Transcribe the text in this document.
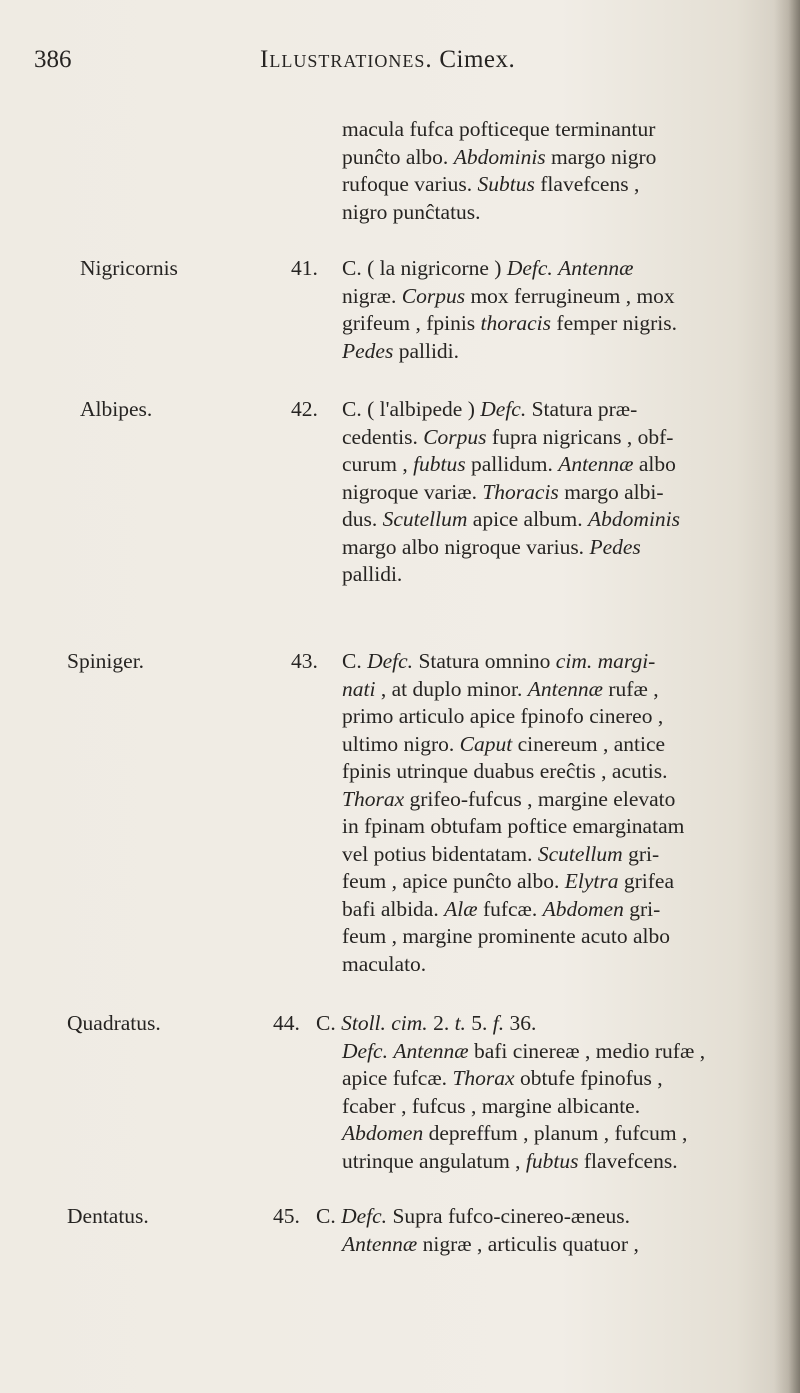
386	Illustrationes. Cimex.
macula fufca poftіceque terminantur
punĉto albo. Abdominis margo nigro
rufoque varius. Subtus flavefcens ,
nigro punĉtatus.
Nigricornis	41. C. ( la nigricorne ) Defc. Antennæ
nigræ. Corpus mox ferrugineum , mox
grifeum , fpinis thoracis femper nigris.
Pedes pallidi.
Albipes.	42. C. ( l'albipede ) Defc. Statura præ-
cedentis. Corpus fupra nigricans , obf-
curum , fubtus pallidum. Antennæ albo
nigroque variæ. Thoracis margo albi-
dus. Scutellum apice album. Abdominis
margo albo nigroque varius. Pedes
pallidi.
Spiniger.	43. C. Defc. Statura omnino cim. margi-
nati , at duplo minor. Antennæ rufæ ,
primo articulo apice fpinofo cinereo ,
ultimo nigro. Caput cinereum , antice
fpinis utrinque duabus ereĉtis , acutis.
Thorax grifeo-fufcus , margine elevato
in fpinam obtufam poftice emarginatam
vel potius bidentatam. Scutellum gri-
feum , apice punĉto albo. Elytra grifea
bafi albida. Alæ fufcæ. Abdomen gri-
feum , margine prominente acuto albo
maculato.
Quadratus.	44. C. Stoll. cim. 2. t. 5. f. 36.
Defc. Antennæ bafi cinereæ , medio rufæ ,
apice fufcæ. Thorax obtufe fpinofus ,
fcaber , fufcus , margine albicante.
Abdomen depreffum , planum , fufcum ,
utrinque angulatum , fubtus flavefcens.
Dentatus.	45. C. Defc. Supra fufco-cinereo-æneus.
Antennæ nigræ , articulis quatuor ,
